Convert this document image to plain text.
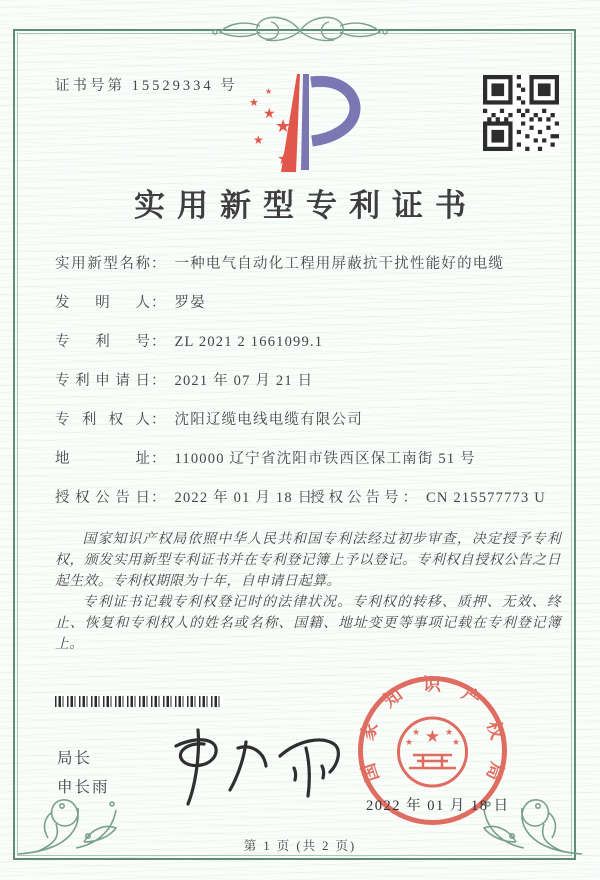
证书号第 15529334 号
★
★
★
★
★
★
实用新型专利证书
实用新型名称 ： 一种电气自动化工程用屏蔽抗干扰性能好的电缆
发明人 ： 罗晏
专利号 ： ZL 2021 2 1661099.1
专利申请日 ： 2021 年 07 月 21 日
专利权人 ： 沈阳辽缆电线电缆有限公司
地址 ： 110000 辽宁省沈阳市铁西区保工南街 51 号
授权公告日 ： 2022 年 01 月 18 日
授权公告号 ： CN 215577773 U

国家知识产权局依照中华人民共和国专利法经过初步审查，决定授予专利权，颁发实用新型专利证书并在专利登记簿上予以登记。专利权自授权公告之日起生效。专利权期限为十年，自申请日起算。

专利证书记载专利权登记时的法律状况。专利权的转移、质押、无效、终止、恢复和专利权人的姓名或名称、国籍、地址变更等事项记载在专利登记簿上。

局长
申长雨
国家知识产权局
★
★	★
★	★
2022 年 01 月 18 日
第 1 页 (共 2 页)
